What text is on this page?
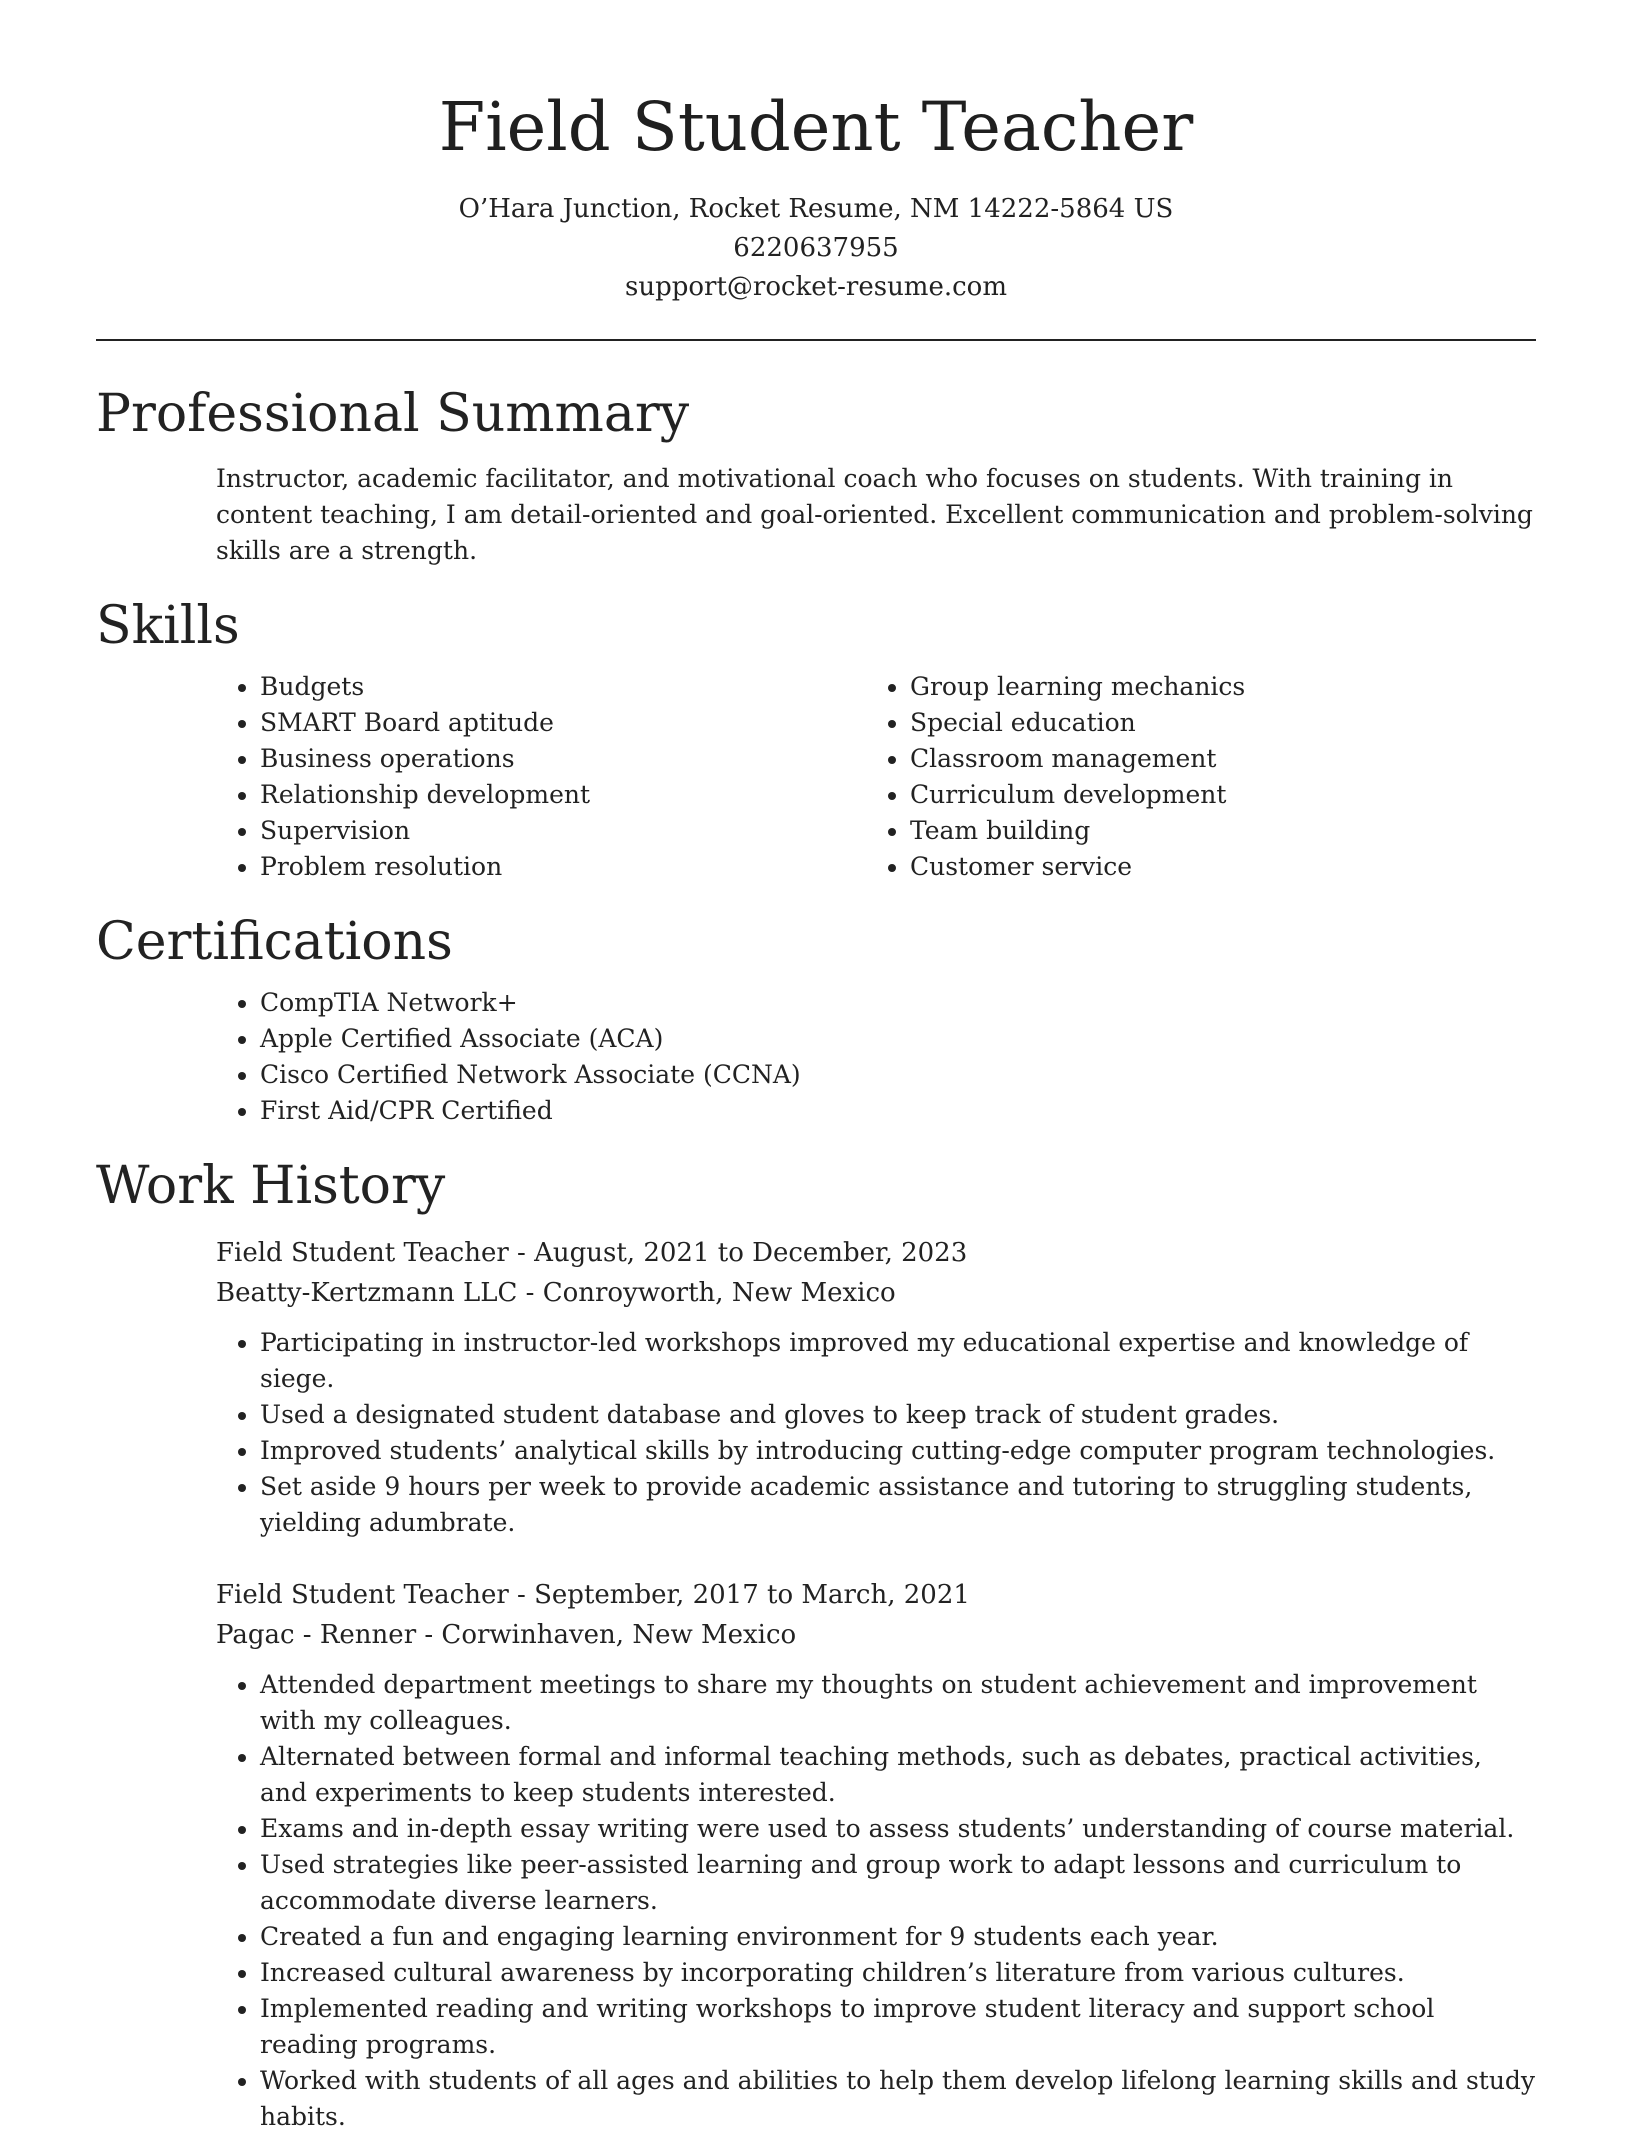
Field Student Teacher
O’Hara Junction, Rocket Resume, NM 14222-5864 US
6220637955
support@rocket-resume.com
Professional Summary

Instructor, academic facilitator, and motivational coach who focuses on students. With training in content teaching, I am detail-oriented and goal-oriented. Excellent communication and problem-solving skills are a strength.

Skills
• Budgets
• SMART Board aptitude
• Business operations
• Relationship development
• Supervision
• Problem resolution
• Group learning mechanics
• Special education
• Classroom management
• Curriculum development
• Team building
• Customer service
Certifications
• CompTIA Network+
• Apple Certified Associate (ACA)
• Cisco Certified Network Associate (CCNA)
• First Aid/CPR Certified
Work History
Field Student Teacher - August, 2021 to December, 2023
Beatty-Kertzmann LLC - Conroyworth, New Mexico
• Participating in instructor-led workshops improved my educational expertise and knowledge of siege.
• Used a designated student database and gloves to keep track of student grades.
• Improved students’ analytical skills by introducing cutting-edge computer program technologies.
• Set aside 9 hours per week to provide academic assistance and tutoring to struggling students, yielding adumbrate.
Field Student Teacher - September, 2017 to March, 2021
Pagac - Renner - Corwinhaven, New Mexico
• Attended department meetings to share my thoughts on student achievement and improvement with my colleagues.
• Alternated between formal and informal teaching methods, such as debates, practical activities, and experiments to keep students interested.
• Exams and in-depth essay writing were used to assess students’ understanding of course material.
• Used strategies like peer-assisted learning and group work to adapt lessons and curriculum to accommodate diverse learners.
• Created a fun and engaging learning environment for 9 students each year.
• Increased cultural awareness by incorporating children’s literature from various cultures.
• Implemented reading and writing workshops to improve student literacy and support school reading programs.
• Worked with students of all ages and abilities to help them develop lifelong learning skills and study habits.
